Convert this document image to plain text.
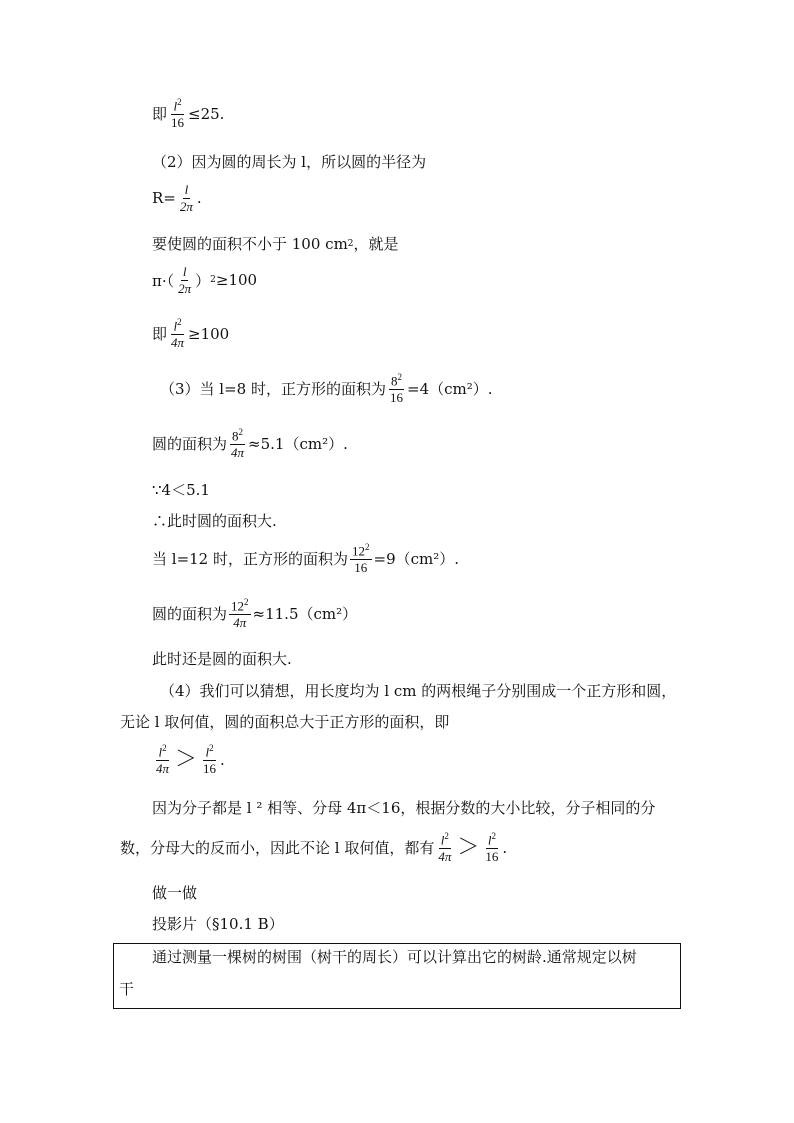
即 $\frac{l^2}{16} \le 25$.
（2）因为圆的周长为 l，所以圆的半径为
$R= \frac{l}{2\pi}$ .
要使圆的面积不小于 100 cm 2 ，就是
$\pi\cdot( \frac{l}{2\pi}$ ） 2 ≥100
即 $\frac{l^2}{4\pi} \ge 100$
（3）当 l=8 时，正方形的面积为 $\frac{8^2}{16} =4(cm^2)$.
圆的面积为 $\frac{8^2}{4\pi} \approx 5.1(cm^2)$.
∵4＜5.1
∴此时圆的面积大.
当 l=12 时，正方形的面积为 $\frac{12^2}{16} =9(cm^2)$.
圆的面积为 $\frac{12^2}{4\pi} \approx 11.5(cm^2)$
此时还是圆的面积大.
（4）我们可以猜想，用长度均为 l cm 的两根绳子分别围成一个正方形和圆，
无论 l 取何值，圆的面积总大于正方形的面积，即
$\frac{l^2}{4\pi} > \frac{l^2}{16}$ .
因为分子都是 l ² 相等、分母 4π＜16，根据分数的大小比较，分子相同的分
数，分母大的反而小，因此不论 l 取何值，都有 $\frac{l^2}{4\pi} > \frac{l^2}{16}$ .
做一做
投影片（§10.1 B）
通过测量一棵树的树围（树干的周长）可以计算出它的树龄.通常规定以树
干
